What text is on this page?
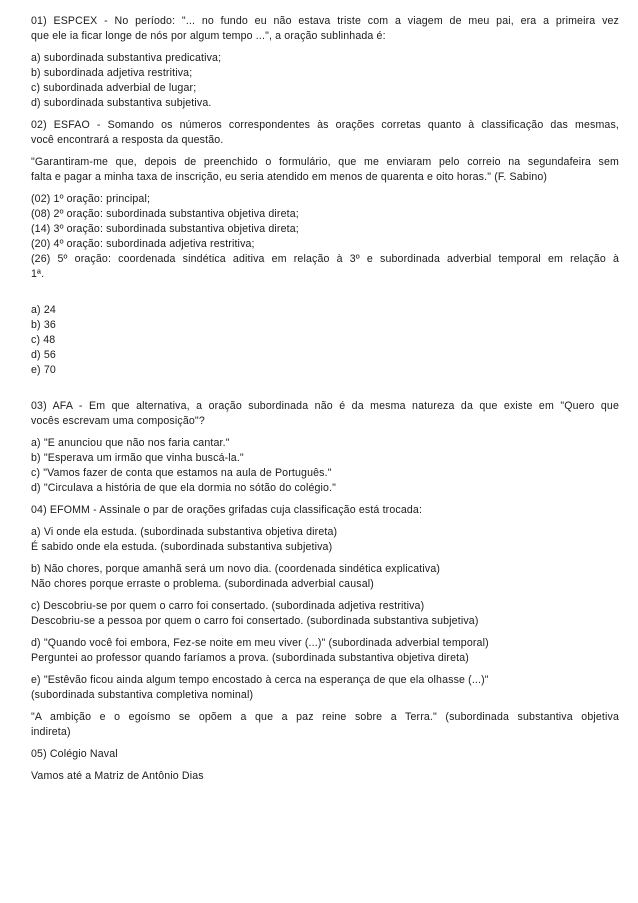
01) ESPCEX - No período: "... no fundo eu não estava triste com a viagem de meu pai, era a primeira vez
que ele ia ficar longe de nós por algum tempo ...", a oração sublinhada é:
a) subordinada substantiva predicativa;
b) subordinada adjetiva restritiva;
c) subordinada adverbial de lugar;
d) subordinada substantiva subjetiva.
02) ESFAO - Somando os números correspondentes às orações corretas quanto à classificação das mesmas,
você encontrará a resposta da questão.
"Garantiram-me que, depois de preenchido o formulário, que me enviaram pelo correio na segundafeira sem
falta e pagar a minha taxa de inscrição, eu seria atendido em menos de quarenta e oito horas." (F. Sabino)
(02) 1º oração: principal;
(08) 2º oração: subordinada substantiva objetiva direta;
(14) 3º oração: subordinada substantiva objetiva direta;
(20) 4º oração: subordinada adjetiva restritiva;
(26) 5º oração: coordenada sindética aditiva em relação à 3º e subordinada adverbial temporal em relação à
1ª.
a) 24
b) 36
c) 48
d) 56
e) 70
03) AFA - Em que alternativa, a oração subordinada não é da mesma natureza da que existe em "Quero que
vocês escrevam uma composição"?
a) "E anunciou que não nos faria cantar."
b) "Esperava um irmão que vinha buscá-la."
c) "Vamos fazer de conta que estamos na aula de Português."
d) "Circulava a história de que ela dormia no sótão do colégio."
04) EFOMM - Assinale o par de orações grifadas cuja classificação está trocada:
a) Vi onde ela estuda. (subordinada substantiva objetiva direta)
É sabido onde ela estuda. (subordinada substantiva subjetiva)
b) Não chores, porque amanhã será um novo dia. (coordenada sindética explicativa)
Não chores porque erraste o problema. (subordinada adverbial causal)
c) Descobriu-se por quem o carro foi consertado. (subordinada adjetiva restritiva)
Descobriu-se a pessoa por quem o carro foi consertado. (subordinada substantiva subjetiva)
d) "Quando você foi embora, Fez-se noite em meu viver (...)" (subordinada adverbial temporal)
Perguntei ao professor quando faríamos a prova. (subordinada substantiva objetiva direta)
e) "Estêvão ficou ainda algum tempo encostado à cerca na esperança de que ela olhasse (...)"
(subordinada substantiva completiva nominal)
"A ambição e o egoísmo se opõem a que a paz reine sobre a Terra." (subordinada substantiva objetiva
indireta)
05) Colégio Naval
Vamos até a Matriz de Antônio Dias
